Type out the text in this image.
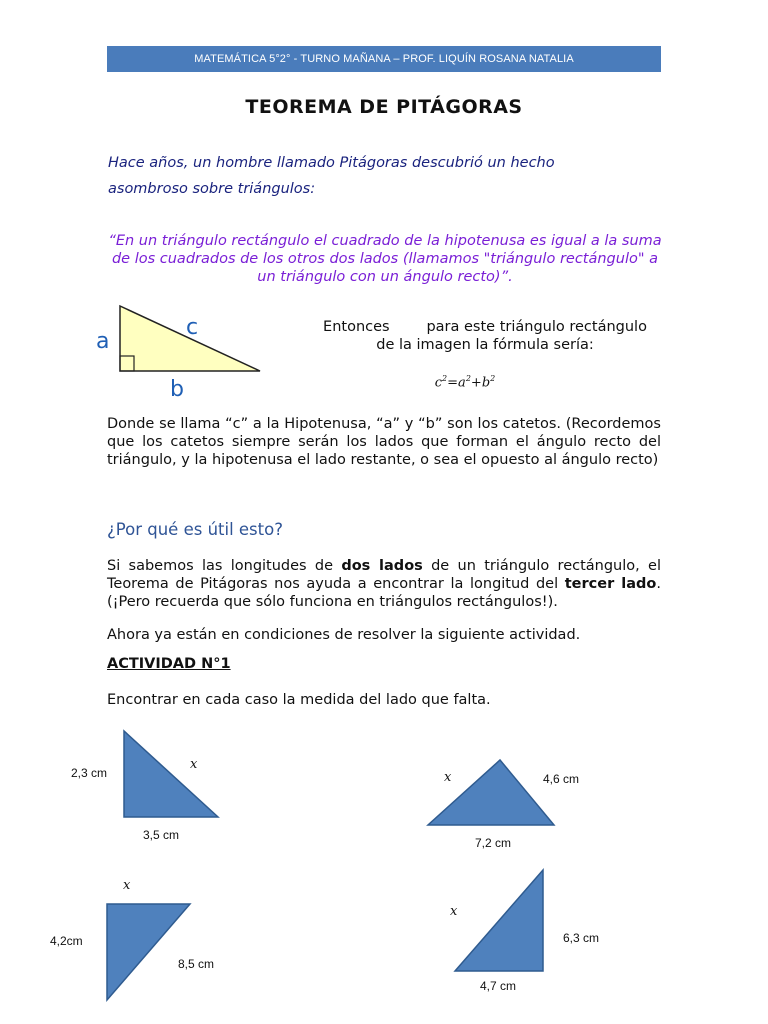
MATEMÁTICA 5°2° - TURNO MAÑANA – PROF. LIQUÍN ROSANA NATALIA
TEOREMA DE PITÁGORAS
Hace años, un hombre llamado Pitágoras descubrió un hecho
asombroso sobre triángulos:
“En un triángulo rectángulo el cuadrado de la hipotenusa es igual a la suma de los cuadrados de los otros dos lados (llamamos "triángulo rectángulo" a un triángulo con un ángulo recto)”.
a
c
b
Entonces        para este triángulo rectángulo
de la imagen la fórmula sería:
$c^2=a^2+b^2$
Donde se llama “c” a la Hipotenusa, “a” y “b” son los catetos. (Recordemos que los catetos siempre serán los lados que forman el ángulo recto del triángulo, y la hipotenusa el lado restante, o sea el opuesto al ángulo recto)
¿Por qué es útil esto?
Si sabemos las longitudes de dos lados de un triángulo rectángulo, el Teorema de Pitágoras nos ayuda a encontrar la longitud del tercer lado. (¡Pero recuerda que sólo funciona en triángulos rectángulos!).
Ahora ya están en condiciones de resolver la siguiente actividad.
ACTIVIDAD N°1
Encontrar en cada caso la medida del lado que falta.
2,3 cm
3,5 cm
x
4,6 cm
7,2 cm
x
4,2cm
8,5 cm
x
6,3 cm
4,7 cm
x
